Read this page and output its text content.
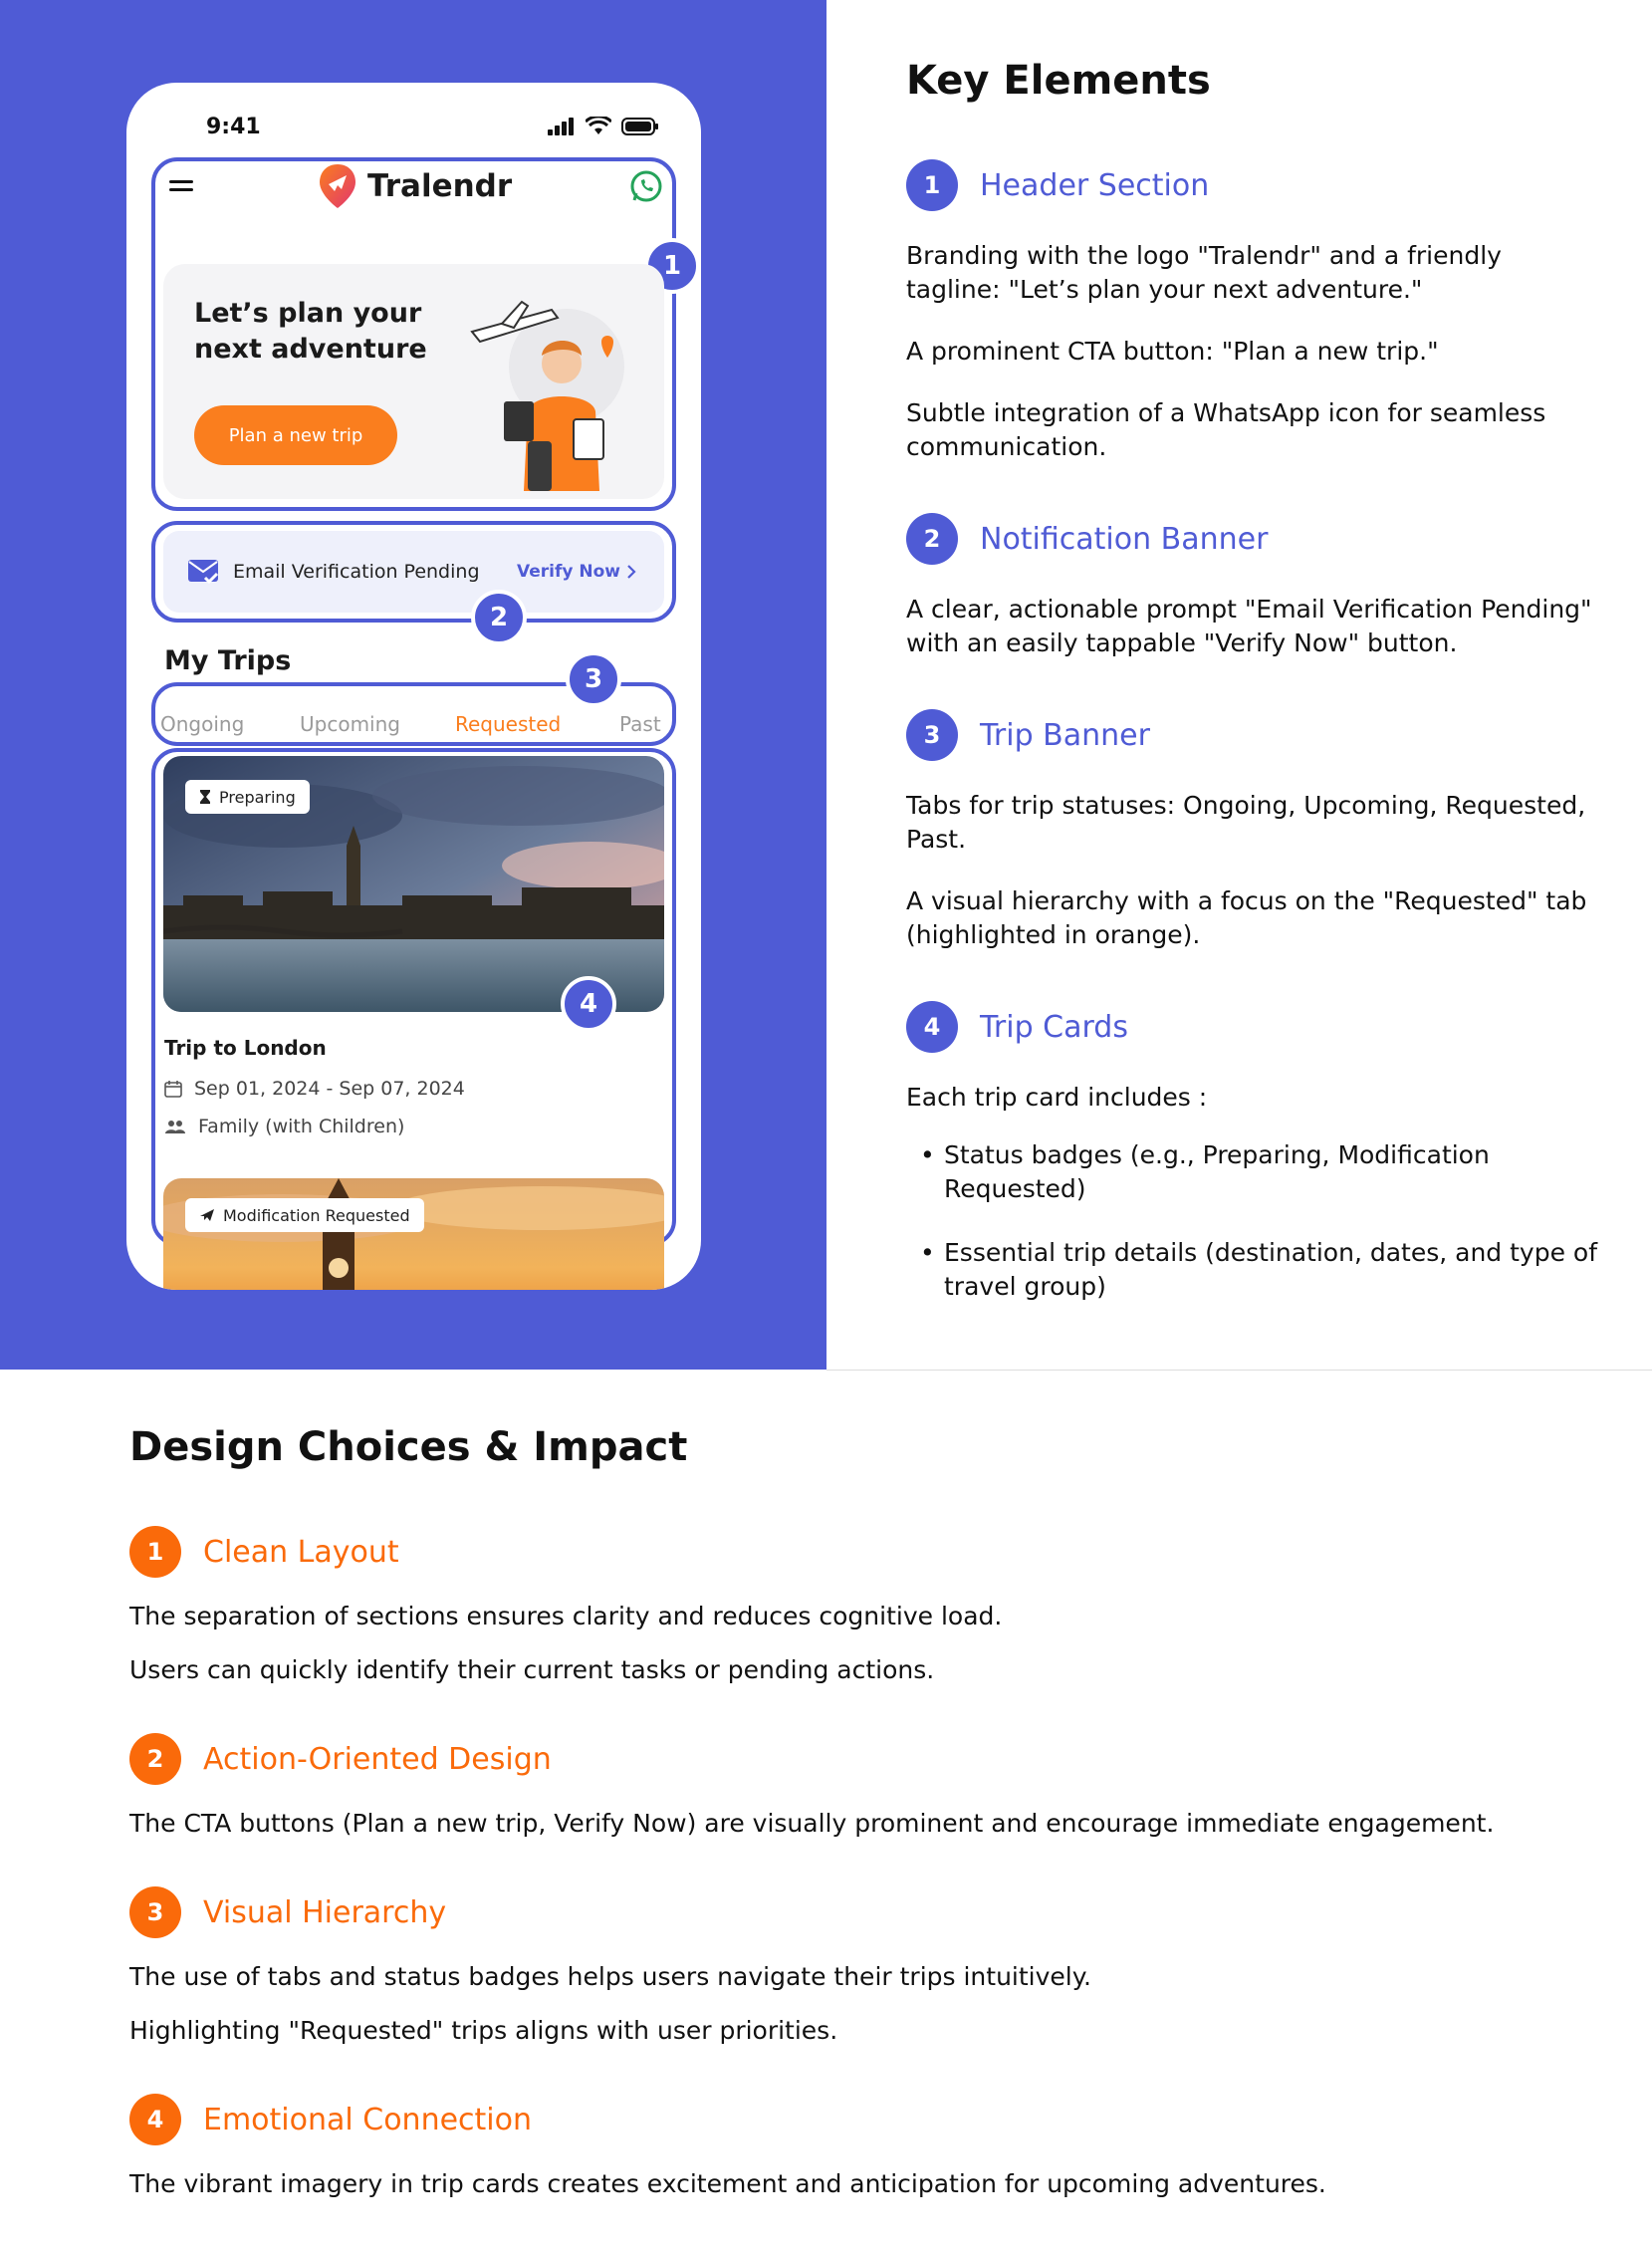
9:41
Tralendr
1
Let’s plan your next adventure
Plan a new trip
Email Verification Pending Verify Now
2
My Trips
3
Ongoing	Upcoming	Requested	Past
Preparing
4
Trip to London
Sep 01, 2024 - Sep 07, 2024
Family (with Children)
Modification Requested
Key Elements
1	Header Section

Branding with the logo "Tralendr" and a friendly tagline: "Let’s plan your next adventure."

A prominent CTA button: "Plan a new trip."

Subtle integration of a WhatsApp icon for seamless communication.

2	Notification Banner

A clear, actionable prompt "Email Verification Pending" with an easily tappable "Verify Now" button.

3	Trip Banner

Tabs for trip statuses: Ongoing, Upcoming, Requested, Past.

A visual hierarchy with a focus on the "Requested" tab (highlighted in orange).

4	Trip Cards

Each trip card includes :

• Status badges (e.g., Preparing, Modification Requested)
• Essential trip details (destination, dates, and type of travel group)
Design Choices & Impact
1	Clean Layout

The separation of sections ensures clarity and reduces cognitive load.

Users can quickly identify their current tasks or pending actions.

2	Action-Oriented Design

The CTA buttons (Plan a new trip, Verify Now) are visually prominent and encourage immediate engagement.

3	Visual Hierarchy

The use of tabs and status badges helps users navigate their trips intuitively.

Highlighting "Requested" trips aligns with user priorities.

4	Emotional Connection

The vibrant imagery in trip cards creates excitement and anticipation for upcoming adventures.
